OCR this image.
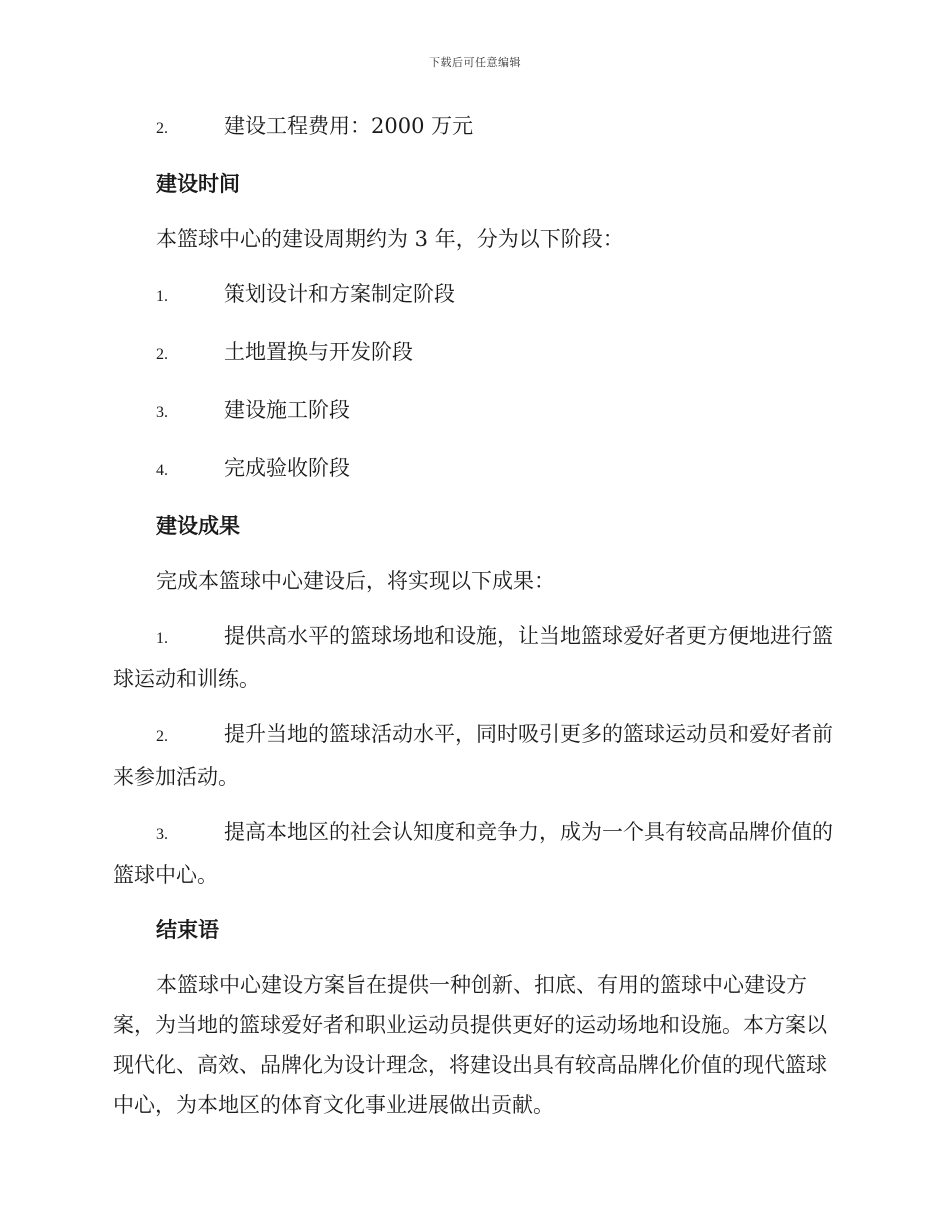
下载后可任意编辑
2.	建设工程费用：2000 万元
建设时间

本篮球中心的建设周期约为 3 年，分为以下阶段：

1.	策划设计和方案制定阶段
2.	土地置换与开发阶段
3.	建设施工阶段
4.	完成验收阶段
建设成果

完成本篮球中心建设后，将实现以下成果：

1.	提供高水平的篮球场地和设施，让当地篮球爱好者更方便地进行篮球运动和训练。

2.	提升当地的篮球活动水平，同时吸引更多的篮球运动员和爱好者前来参加活动。

3.	提高本地区的社会认知度和竞争力，成为一个具有较高品牌价值的篮球中心。

结束语

本篮球中心建设方案旨在提供一种创新、扣底、有用的篮球中心建设方案，为当地的篮球爱好者和职业运动员提供更好的运动场地和设施。本方案以现代化、高效、品牌化为设计理念，将建设出具有较高品牌化价值的现代篮球中心，为本地区的体育文化事业进展做出贡献。
